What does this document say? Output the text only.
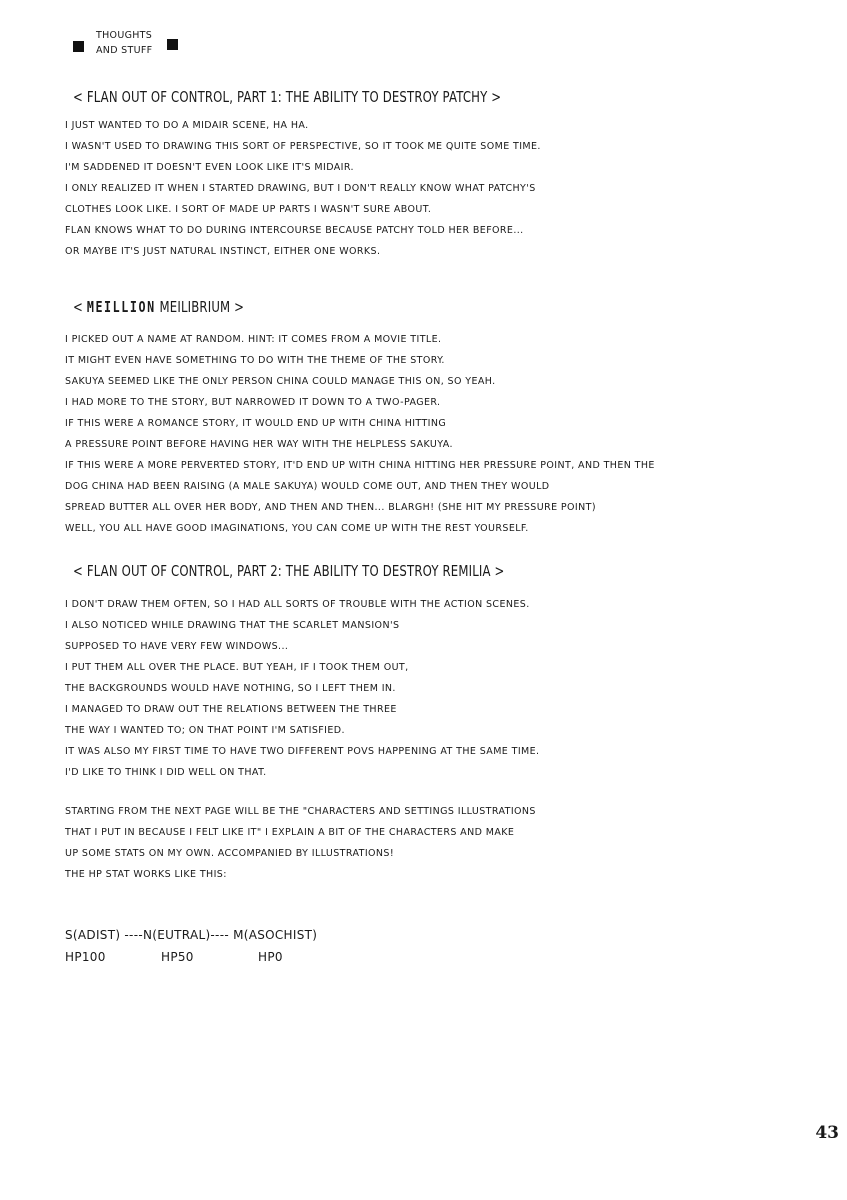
THOUGHTS
AND STUFF
< FLAN OUT OF CONTROL, PART 1: THE ABILITY TO DESTROY PATCHY >
I JUST WANTED TO DO A MIDAIR SCENE, HA HA.
I WASN'T USED TO DRAWING THIS SORT OF PERSPECTIVE, SO IT TOOK ME QUITE SOME TIME.
I'M SADDENED IT DOESN'T EVEN LOOK LIKE IT'S MIDAIR.
I ONLY REALIZED IT WHEN I STARTED DRAWING, BUT I DON'T REALLY KNOW WHAT PATCHY'S
CLOTHES LOOK LIKE. I SORT OF MADE UP PARTS I WASN'T SURE ABOUT.
FLAN KNOWS WHAT TO DO DURING INTERCOURSE BECAUSE PATCHY TOLD HER BEFORE...
OR MAYBE IT'S JUST NATURAL INSTINCT, EITHER ONE WORKS.
< MEILLION MEILIBRIUM >
I PICKED OUT A NAME AT RANDOM. HINT: IT COMES FROM A MOVIE TITLE.
IT MIGHT EVEN HAVE SOMETHING TO DO WITH THE THEME OF THE STORY.
SAKUYA SEEMED LIKE THE ONLY PERSON CHINA COULD MANAGE THIS ON, SO YEAH.
I HAD MORE TO THE STORY, BUT NARROWED IT DOWN TO A TWO-PAGER.
IF THIS WERE A ROMANCE STORY, IT WOULD END UP WITH CHINA HITTING
A PRESSURE POINT BEFORE HAVING HER WAY WITH THE HELPLESS SAKUYA.
IF THIS WERE A MORE PERVERTED STORY, IT'D END UP WITH CHINA HITTING HER PRESSURE POINT, AND THEN THE
DOG CHINA HAD BEEN RAISING (A MALE SAKUYA) WOULD COME OUT, AND THEN THEY WOULD
SPREAD BUTTER ALL OVER HER BODY, AND THEN AND THEN... BLARGH! (SHE HIT MY PRESSURE POINT)
WELL, YOU ALL HAVE GOOD IMAGINATIONS, YOU CAN COME UP WITH THE REST YOURSELF.
< FLAN OUT OF CONTROL, PART 2: THE ABILITY TO DESTROY REMILIA >
I DON'T DRAW THEM OFTEN, SO I HAD ALL SORTS OF TROUBLE WITH THE ACTION SCENES.
I ALSO NOTICED WHILE DRAWING THAT THE SCARLET MANSION'S
SUPPOSED TO HAVE VERY FEW WINDOWS...
I PUT THEM ALL OVER THE PLACE. BUT YEAH, IF I TOOK THEM OUT,
THE BACKGROUNDS WOULD HAVE NOTHING, SO I LEFT THEM IN.
I MANAGED TO DRAW OUT THE RELATIONS BETWEEN THE THREE
THE WAY I WANTED TO; ON THAT POINT I'M SATISFIED.
IT WAS ALSO MY FIRST TIME TO HAVE TWO DIFFERENT POVS HAPPENING AT THE SAME TIME.
I'D LIKE TO THINK I DID WELL ON THAT.
STARTING FROM THE NEXT PAGE WILL BE THE "CHARACTERS AND SETTINGS ILLUSTRATIONS
THAT I PUT IN BECAUSE I FELT LIKE IT" I EXPLAIN A BIT OF THE CHARACTERS AND MAKE
UP SOME STATS ON MY OWN. ACCOMPANIED BY ILLUSTRATIONS!
THE HP STAT WORKS LIKE THIS:
S(ADIST) ----N(EUTRAL)---- M(ASOCHIST)
HP100	HP50	HP0
43
